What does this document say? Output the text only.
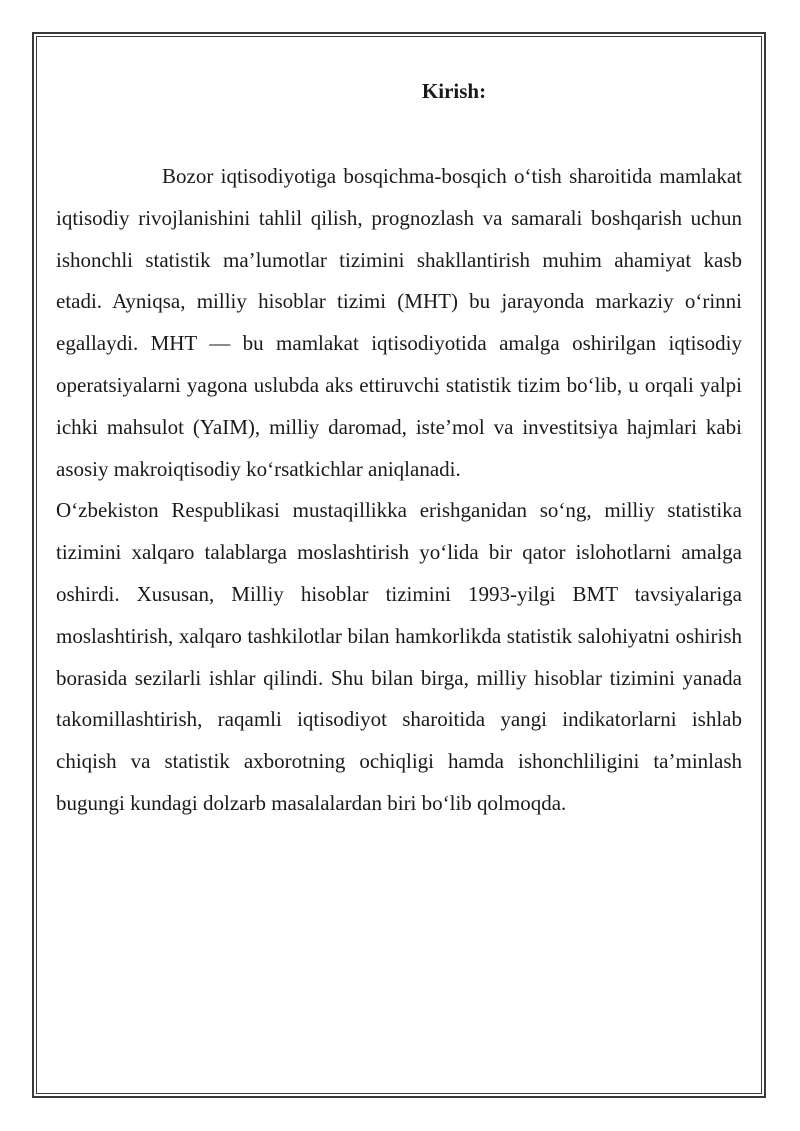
Kirish:

Bozor iqtisodiyotiga bosqichma-bosqich o‘tish sharoitida mamlakat iqtisodiy rivojlanishini tahlil qilish, prognozlash va samarali boshqarish uchun ishonchli statistik ma’lumotlar tizimini shakllantirish muhim ahamiyat kasb etadi. Ayniqsa, milliy hisoblar tizimi (MHT) bu jarayonda markaziy o‘rinni egallaydi. MHT — bu mamlakat iqtisodiyotida amalga oshirilgan iqtisodiy operatsiyalarni yagona uslubda aks ettiruvchi statistik tizim bo‘lib, u orqali yalpi ichki mahsulot (YaIM), milliy daromad, iste’mol va investitsiya hajmlari kabi asosiy makroiqtisodiy ko‘rsatkichlar aniqlanadi.

O‘zbekiston Respublikasi mustaqillikka erishganidan so‘ng, milliy statistika tizimini xalqaro talablarga moslashtirish yo‘lida bir qator islohotlarni amalga oshirdi. Xususan, Milliy hisoblar tizimini 1993-yilgi BMT tavsiyalariga moslashtirish, xalqaro tashkilotlar bilan hamkorlikda statistik salohiyatni oshirish borasida sezilarli ishlar qilindi. Shu bilan birga, milliy hisoblar tizimini yanada takomillashtirish, raqamli iqtisodiyot sharoitida yangi indikatorlarni ishlab chiqish va statistik axborotning ochiqligi hamda ishonchliligini ta’minlash bugungi kundagi dolzarb masalalardan biri bo‘lib qolmoqda.
